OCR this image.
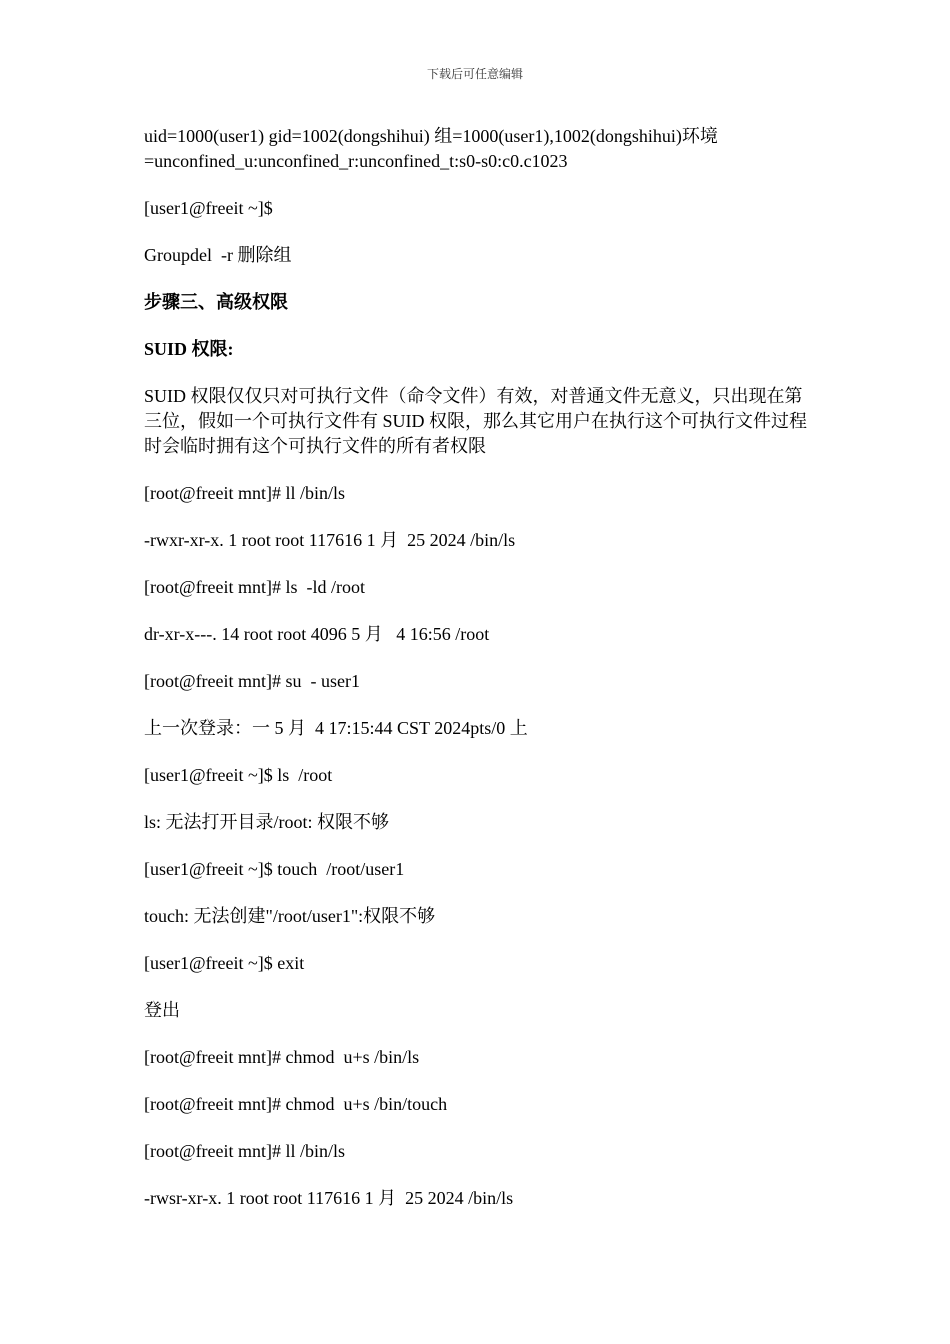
下载后可任意编辑

uid=1000(user1) gid=1002(dongshihui) 组=1000(user1),1002(dongshihui)环境=unconfined_u:unconfined_r:unconfined_t:s0-s0:c0.c1023

[user1@freeit ~]$

Groupdel  -r 删除组

步骤三、高级权限

SUID 权限:

SUID 权限仅仅只对可执行文件（命令文件）有效，对普通文件无意义，只出现在第三位，假如一个可执行文件有 SUID 权限，那么其它用户在执行这个可执行文件过程时会临时拥有这个可执行文件的所有者权限

[root@freeit mnt]# ll /bin/ls

-rwxr-xr-x. 1 root root 117616 1 月  25 2024 /bin/ls

[root@freeit mnt]# ls  -ld /root

dr-xr-x---. 14 root root 4096 5 月   4 16:56 /root

[root@freeit mnt]# su  - user1

上一次登录：一 5 月  4 17:15:44 CST 2024pts/0 上

[user1@freeit ~]$ ls  /root

ls: 无法打开目录/root: 权限不够

[user1@freeit ~]$ touch  /root/user1

touch: 无法创建"/root/user1":权限不够

[user1@freeit ~]$ exit

登出

[root@freeit mnt]# chmod  u+s /bin/ls

[root@freeit mnt]# chmod  u+s /bin/touch

[root@freeit mnt]# ll /bin/ls

-rwsr-xr-x. 1 root root 117616 1 月  25 2024 /bin/ls
